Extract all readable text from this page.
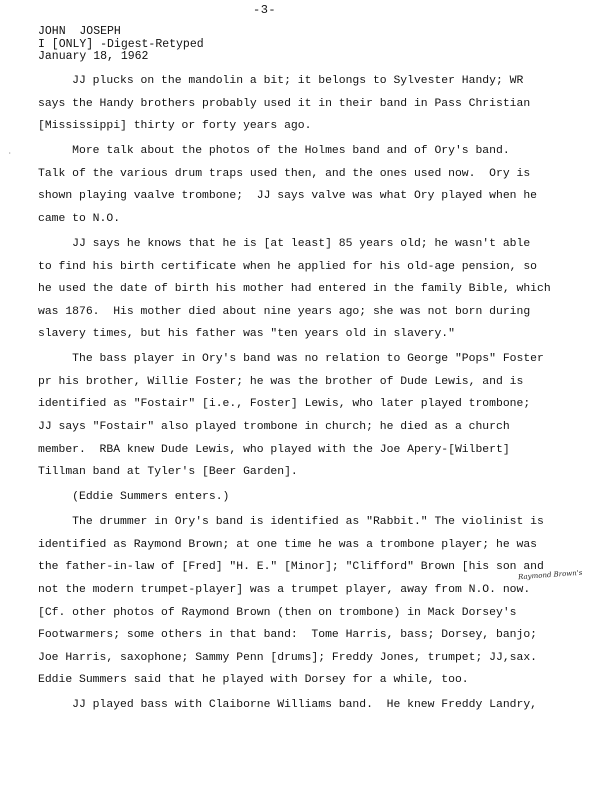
-3-
JOHN  JOSEPH
I [ONLY] -Digest-Retyped
January 18, 1962
·
JJ plucks on the mandolin a bit; it belongs to Sylvester Handy; WR
says the Handy brothers probably used it in their band in Pass Christian
[Mississippi] thirty or forty years ago.
More talk about the photos of the Holmes band and of Ory's band.
Talk of the various drum traps used then, and the ones used now.  Ory is
shown playing vaalve trombone;  JJ says valve was what Ory played when he
came to N.O.
JJ says he knows that he is [at least] 85 years old; he wasn't able
to find his birth certificate when he applied for his old-age pension, so
he used the date of birth his mother had entered in the family Bible, which
was 1876.  His mother died about nine years ago; she was not born during
slavery times, but his father was "ten years old in slavery."
The bass player in Ory's band was no relation to George "Pops" Foster
pr his brother, Willie Foster; he was the brother of Dude Lewis, and is
identified as "Fostair" [i.e., Foster] Lewis, who later played trombone;
JJ says "Fostair" also played trombone in church; he died as a church
member.  RBA knew Dude Lewis, who played with the Joe Apery-[Wilbert]
Tillman band at Tyler's [Beer Garden].
(Eddie Summers enters.)
The drummer in Ory's band is identified as "Rabbit." The violinist is
identified as Raymond Brown; at one time he was a trombone player; he was
the father-in-law of [Fred] "H. E." [Minor]; "Clifford" Brown [his son and
not the modern trumpet-player] was a trumpet player, away from N.O. now.
[Cf. other photos of Raymond Brown (then on trombone) in Mack Dorsey's
Footwarmers; some others in that band:  Tome Harris, bass; Dorsey, banjo;
Joe Harris, saxophone; Sammy Penn [drums]; Freddy Jones, trumpet; JJ,sax.
Eddie Summers said that he played with Dorsey for a while, too.
JJ played bass with Claiborne Williams band.  He knew Freddy Landry,
Raymond Brown's
